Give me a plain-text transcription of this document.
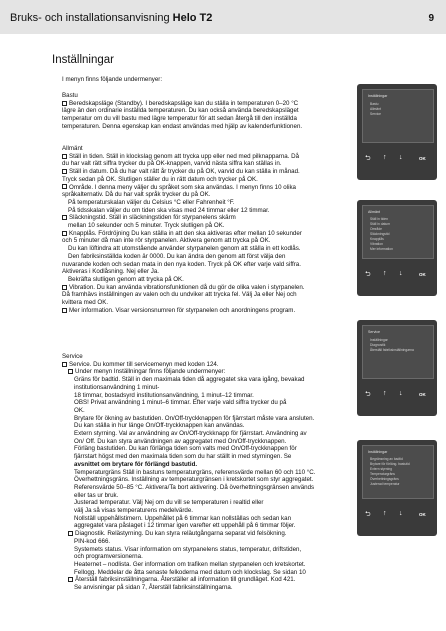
Bruks- och installationsanvisning Helo T2	9
Inställningar

I menyn finns följande undermenyer:

Bastu

Beredskapsläge (Standby). I beredskapsläge kan du ställa in temperaturen 0–20 °C

lägre än den ordinarie inställda temperaturen. Du kan också använda beredskapsläget

temperatur om du vill bastu med lägre temperatur för att sedan återgå till den inställda

temperaturen. Denna egenskap kan endast användas med hjälp av kalenderfunktionen.

Allmänt

Ställ in tiden. Ställ in klockslag genom att trycka upp eller ned med pilknapparna. Då

du har valt rätt siffra trycker du på OK-knappen, varvid nästa siffra kan ställas in.

Ställ in datum. Då du har valt rätt år trycker du på OK, varvid du kan ställa in månad.

Tryck sedan på OK. Slutligen ställer du in rätt datum och trycker på OK.

Område. I denna meny väljer du språket som ska användas. I menyn finns 10 olika

språkalternativ. Då du har valt språk trycker du på OK.

På temperaturskalan väljer du Celsius °C eller Fahrenheit °F.

På tidsskalan väljer du om tiden ska visas med 24 timmar eller 12 timmar.

Släckningstid. Ställ in släckningstiden för styrpanelens skärm

mellan 10 sekunder och 5 minuter. Tryck slutligen på OK.

Knapplås. Fördröjning Du kan ställa in att den ska aktiveras efter mellan 10 sekunder

och 5 minuter då man inte rör styrpanelen. Aktivera genom att trycka på OK.

Du kan löftindra att utomstående använder styrpanelen genom att ställa in ett kodlås.

Den fabriksinställda koden är 0000. Du kan ändra den genom att först välja den

nuvarande koden och sedan mata in den nya koden. Tryck på OK efter varje vald siffra.

Aktiveras i Kodlåsning. Nej eller Ja.

Bekräfta slutligen genom att trycka på OK.

Vibration. Du kan använda vibrationsfunktionen då du gör de olika valen i styrpanelen.

Då framhävs inställningen av valen och du undviker att trycka fel. Välj Ja eller Nej och

kvittera med OK.

Mer information. Visar versionsnumren för styrpanelen och anordningens program.

Service

Service. Du kommer till servicemenyn med koden 124.

Under menyn Inställningar finns följande undermenyer:

Gräns för badtid. Ställ in den maximala tiden då aggregatet ska vara igång, bevakad

institutionsanvändning 1 minut-

18 timmar, bostadsyrd institutionsanvändning, 1 minut–12 timmar.

OBS! Privat användning 1 minut–6 timmar. Efter varje vald siffra trycker du på

OK.

Brytare för ökning av bastutiden. On/Off-tryckknappen för fjärrstart måste vara ansluten.

Du kan ställa in hur länge On/Off-tryckknappen kan användas.

Extern styrning. Val av användning av On/Off-tryckknapp för fjärrstart. Användning av

On/ Off. Du kan styra användningen av aggregatet med On/Off-tryckknappen.

Förläng bastutiden. Du kan förlänga tiden som valts med On/Off-tryckknappen för

fjärrstart högst med den maximala tiden som du har ställt in med styrningen. Se

avsnittet om brytare för förlängd bastutid.

Temperaturgräns Ställ in bastuns temperaturgräns, referensvärde mellan 60 och 110 °C.

Överhettningsgräns. Inställning av temperaturgränsen i kretskortet som styr aggregatet.

Referensvärde 50–85 °C. Aktivera/Ta bort aktivering. Då överhettningsgränsen används

eller tas ur bruk.

Justerad temperatur. Välj Nej om du vill se temperaturen i realtid eller

välj Ja så visas temperaturens medelvärde.

Nollställ uppehållstimern. Uppehållet på 6 timmar kan nollställas och sedan kan

aggregatet vara påslaget i 12 timmar igen varefter ett uppehåll på 6 timmar följer.

Diagnostik. Relästyrning. Du kan styra reläutgångarna separat vid felsökning.

PIN-kod 666.

Systemets status. Visar information om styrpanelens status, temperatur, driftstiden,

och programversionerna.

Heaternet – nodlista. Ger information om trafiken mellan styrpanelen och kretskortet.

Fellogg. Meddelar de åtta senaste felkoderna med datum och klockslag. Se sidan 10

Återställ fabriksinställningarna. Återställer all information till grundläget. Kod 421.

Se anvisningar på sidan 7, Återställ fabriksinställningarna.

Inställningar
Bastu
Allmänt
Service
⮌ ↑ ↓	OK
Allmänt
Ställ in tiden
Ställ in datum
Område
Släckningstid
Knapplås
Vibration
Mer information
⮌ ↑ ↓	OK
Service
Inställningar
Diagnostik
Återställ fabriksinställningarna
⮌ ↑ ↓	OK
Inställningar
Begränsning av badtid
Brytare för förläng. bastutid
Extern styrning
Temperaturgräns
Överhettningsgräns
Justerad temperatur
⮌ ↑ ↓	OK
